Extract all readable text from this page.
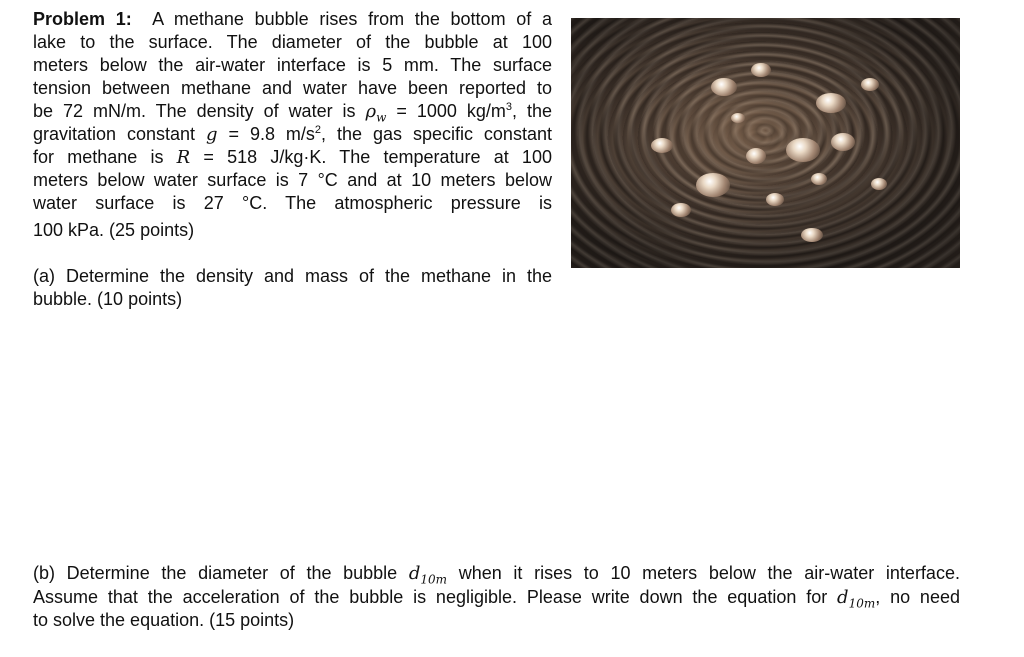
Problem 1: A methane bubble rises from the bottom of a
lake to the surface. The diameter of the bubble at 100
meters below the air-water interface is 5 mm. The surface
tension between methane and water have been reported to
be 72 mN/m. The density of water is $\rho_w = 1000$ $kg/m^3$, the
gravitation constant g = 9.8 $m/s^2$, the gas specific constant
for methane is R = 518 J/kg·K. The temperature at 100
meters below water surface is 7 °C and at 10 meters below
water surface is 27 °C. The atmospheric pressure is
100 kPa. (25 points)
(a) Determine the density and mass of the methane in the
bubble. (10 points)
(b) Determine the diameter of the bubble $d_{10m}$ when it rises to 10 meters below the air-water interface.
Assume that the acceleration of the bubble is negligible. Please write down the equation for $d_{10m}$, no need
to solve the equation. (15 points)
